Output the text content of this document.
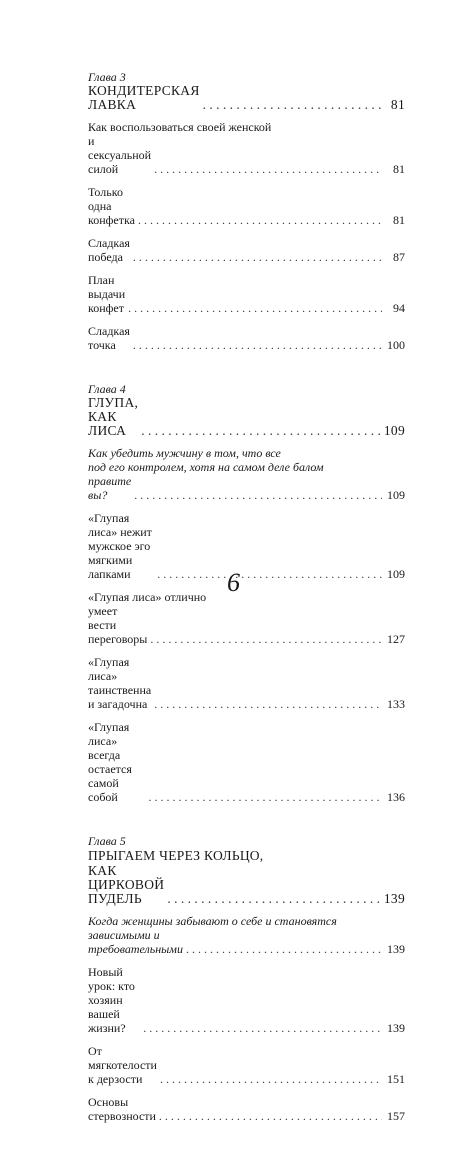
Глава 3
КОНДИТЕРСКАЯ ЛАВКА . . .	81
Как воспользоваться своей женской
и сексуальной силой . . .	81
Только одна конфетка . . .	81
Сладкая победа . . .	87
План выдачи конфет . . .	94
Сладкая точка . . .	100
Глава 4
ГЛУПА, КАК ЛИСА . . .	109
Как убедить мужчину в том, что все
под его контролем, хотя на самом деле балом
правите вы? . . .	109
«Глупая лиса» нежит мужское эго мягкими лапками . . .	109
«Глупая лиса» отлично
умеет вести переговоры . . .	127
«Глупая лиса» таинственна и загадочна . . .	133
«Глупая лиса» всегда остается самой собой . . .	136
Глава 5
ПРЫГАЕМ ЧЕРЕЗ КОЛЬЦО,
КАК ЦИРКОВОЙ ПУДЕЛЬ . . .	139
Когда женщины забывают о себе и становятся
зависимыми и требовательными . . .	139
Новый урок: кто хозяин вашей жизни? . . .	139
От мягкотелости к дерзости . . .	151
Основы стервозности . . .	157
6
